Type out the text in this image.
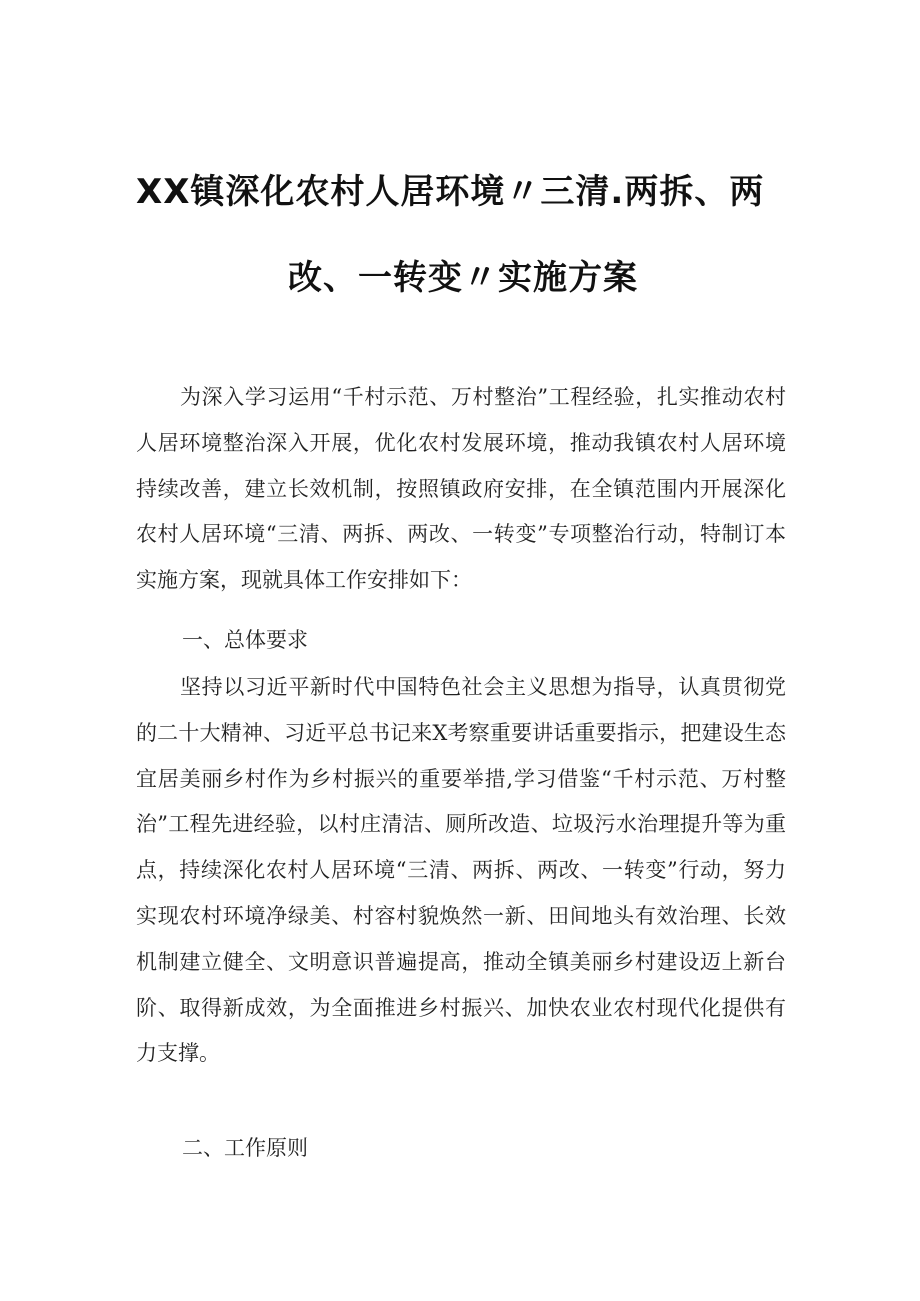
XX镇深化农村人居环境〃三清.两拆、两
改、一转变〃实施方案

为深入学习运用“千村示范、万村整治”工程经验，扎实推动农村人居环境整治深入开展，优化农村发展环境，推动我镇农村人居环境持续改善，建立长效机制，按照镇政府安排，在全镇范围内开展深化农村人居环境“三清、两拆、两改、一转变”专项整治行动，特制订本实施方案，现就具体工作安排如下：

一、总体要求

坚持以习近平新时代中国特色社会主义思想为指导，认真贯彻党的二十大精神、习近平总书记来X考察重要讲话重要指示，把建设生态宜居美丽乡村作为乡村振兴的重要举措,学习借鉴“千村示范、万村整治”工程先进经验，以村庄清洁、厕所改造、垃圾污水治理提升等为重点，持续深化农村人居环境“三清、两拆、两改、一转变”行动，努力实现农村环境净绿美、村容村貌焕然一新、田间地头有效治理、长效机制建立健全、文明意识普遍提高，推动全镇美丽乡村建设迈上新台阶、取得新成效，为全面推进乡村振兴、加快农业农村现代化提供有力支撑。

二、工作原则
